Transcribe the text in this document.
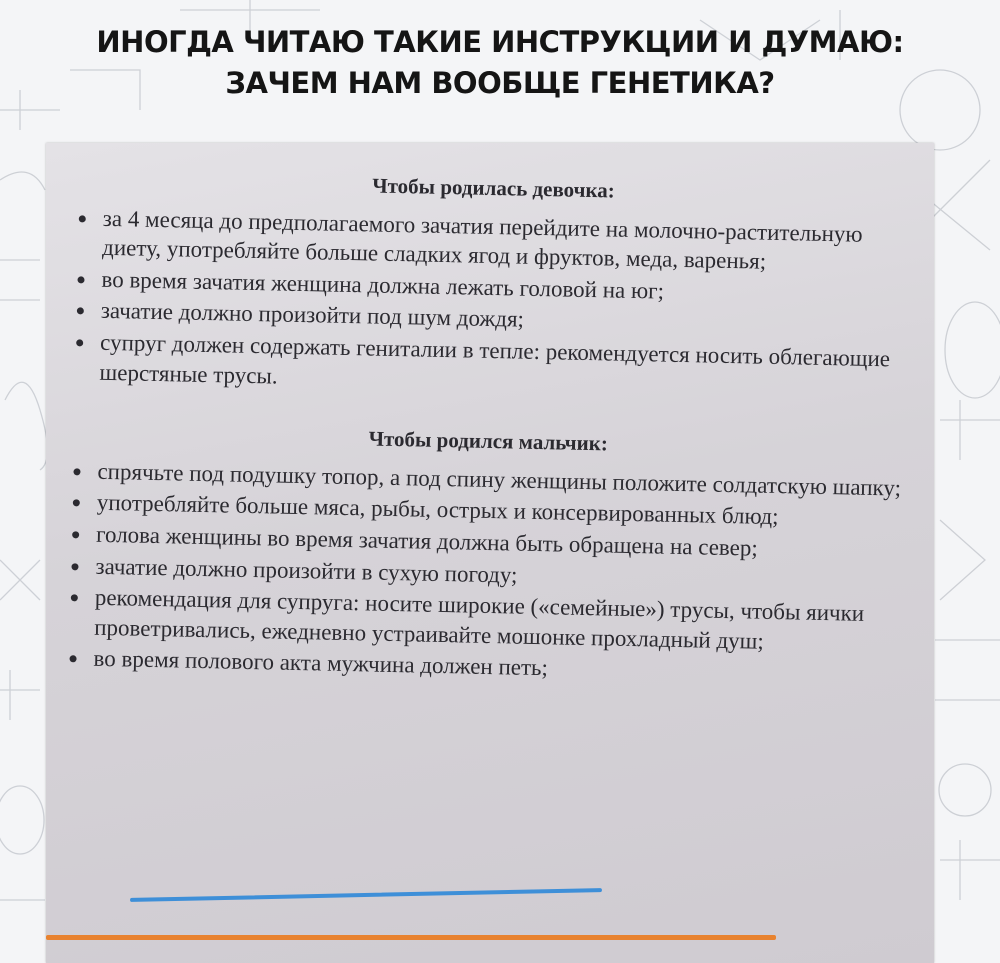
ИНОГДА ЧИТАЮ ТАКИЕ ИНСТРУКЦИИ И ДУМАЮ:
ЗАЧЕМ НАМ ВООБЩЕ ГЕНЕТИКА?
Чтобы родилась девочка:
за 4 месяца до предполагаемого зачатия перейдите на молочно-растительную диету, употребляйте больше сладких ягод и фруктов, меда, варенья;
во время зачатия женщина должна лежать головой на юг;
зачатие должно произойти под шум дождя;
супруг должен содержать гениталии в тепле: рекомендуется носить облегающие шерстяные трусы.
Чтобы родился мальчик:
спрячьте под подушку топор, а под спину женщины положите солдатскую шапку;
употребляйте больше мяса, рыбы, острых и консервированных блюд;
голова женщины во время зачатия должна быть обращена на север;
зачатие должно произойти в сухую погоду;
рекомендация для супруга: носите широкие («семейные») трусы, чтобы яички проветривались, ежедневно устраивайте мошонке прохладный душ;
во время полового акта мужчина должен петь;
